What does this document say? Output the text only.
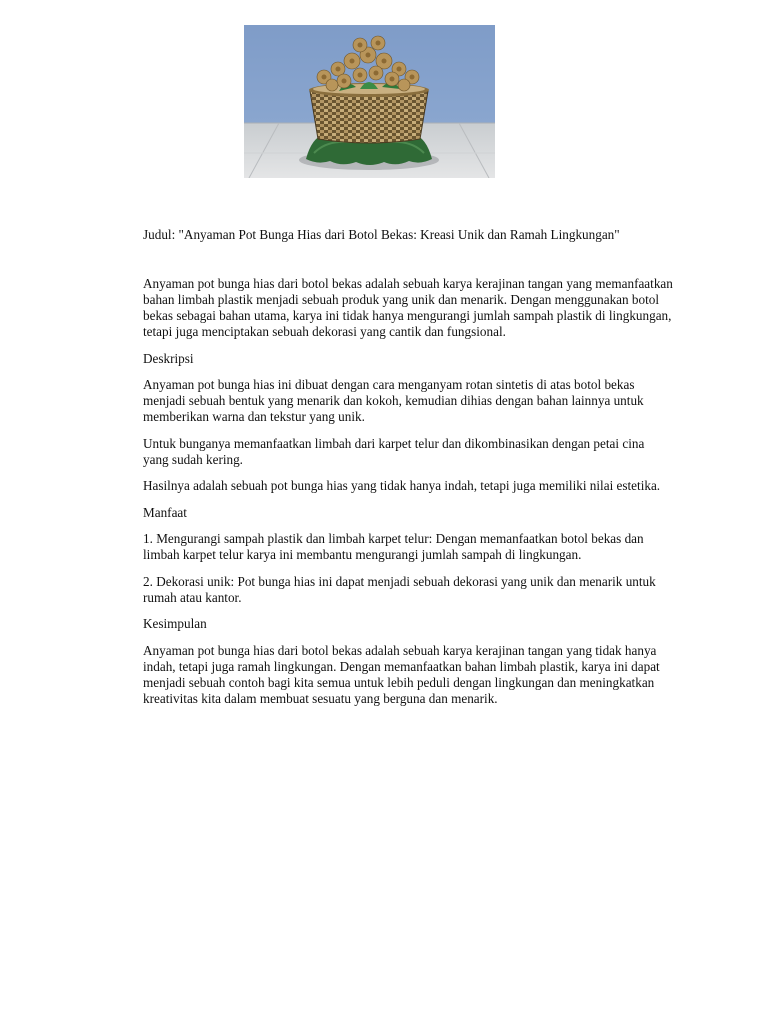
Judul: "Anyaman Pot Bunga Hias dari Botol Bekas: Kreasi Unik dan Ramah Lingkungan"

Anyaman pot bunga hias dari botol bekas adalah sebuah karya kerajinan tangan yang memanfaatkan bahan limbah plastik menjadi sebuah produk yang unik dan menarik. Dengan menggunakan botol bekas sebagai bahan utama, karya ini tidak hanya mengurangi jumlah sampah plastik di lingkungan, tetapi juga menciptakan sebuah dekorasi yang cantik dan fungsional.

Deskripsi

Anyaman pot bunga hias ini dibuat dengan cara menganyam rotan sintetis di atas botol bekas menjadi sebuah bentuk yang menarik dan kokoh, kemudian dihias dengan bahan lainnya untuk memberikan warna dan tekstur yang unik.

Untuk bunganya memanfaatkan limbah dari karpet telur dan dikombinasikan dengan petai cina yang sudah kering.

Hasilnya adalah sebuah pot bunga hias yang tidak hanya indah, tetapi juga memiliki nilai estetika.

Manfaat

1. Mengurangi sampah plastik dan limbah karpet telur: Dengan memanfaatkan botol bekas dan limbah karpet telur karya ini membantu mengurangi jumlah sampah di lingkungan.

2. Dekorasi unik: Pot bunga hias ini dapat menjadi sebuah dekorasi yang unik dan menarik untuk rumah atau kantor.

Kesimpulan

Anyaman pot bunga hias dari botol bekas adalah sebuah karya kerajinan tangan yang tidak hanya indah, tetapi juga ramah lingkungan. Dengan memanfaatkan bahan limbah plastik, karya ini dapat menjadi sebuah contoh bagi kita semua untuk lebih peduli dengan lingkungan dan meningkatkan kreativitas kita dalam membuat sesuatu yang berguna dan menarik.
